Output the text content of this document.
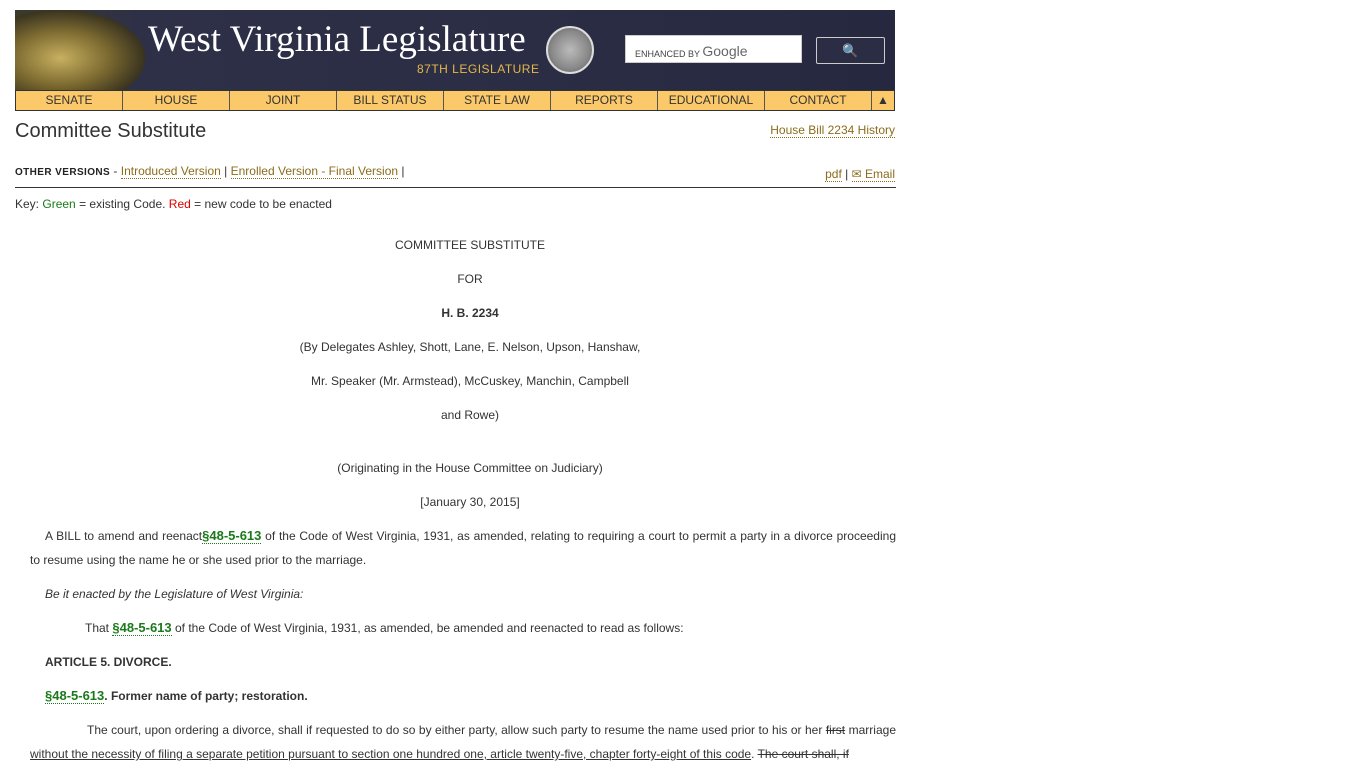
West Virginia Legislature
87TH LEGISLATURE
ENHANCED BY Google	🔍
SENATE	HOUSE	JOINT	BILL STATUS	STATE LAW	REPORTS	EDUCATIONAL	CONTACT	▲
Committee Substitute	House Bill 2234 History
OTHER VERSIONS - Introduced Version | Enrolled Version - Final Version |	pdf | ✉ Email
Key: Green = existing Code. Red = new code to be enacted
COMMITTEE SUBSTITUTE
FOR
H. B. 2234
(By Delegates Ashley, Shott, Lane, E. Nelson, Upson, Hanshaw,
Mr. Speaker (Mr. Armstead), McCuskey, Manchin, Campbell
and Rowe)
(Originating in the House Committee on Judiciary)
[January 30, 2015]
A BILL to amend and reenact§48-5-613 of the Code of West Virginia, 1931, as amended, relating to requiring a court to permit a party in a divorce proceeding to resume using the name he or she used prior to the marriage.
Be it enacted by the Legislature of West Virginia:
That §48-5-613 of the Code of West Virginia, 1931, as amended, be amended and reenacted to read as follows:
ARTICLE 5. DIVORCE.
§48-5-613. Former name of party; restoration.
The court, upon ordering a divorce, shall if requested to do so by either party, allow such party to resume the name used prior to his or her first marriage without the necessity of filing a separate petition pursuant to section one hundred one, article twenty-five, chapter forty-eight of this code. The court shall, if
